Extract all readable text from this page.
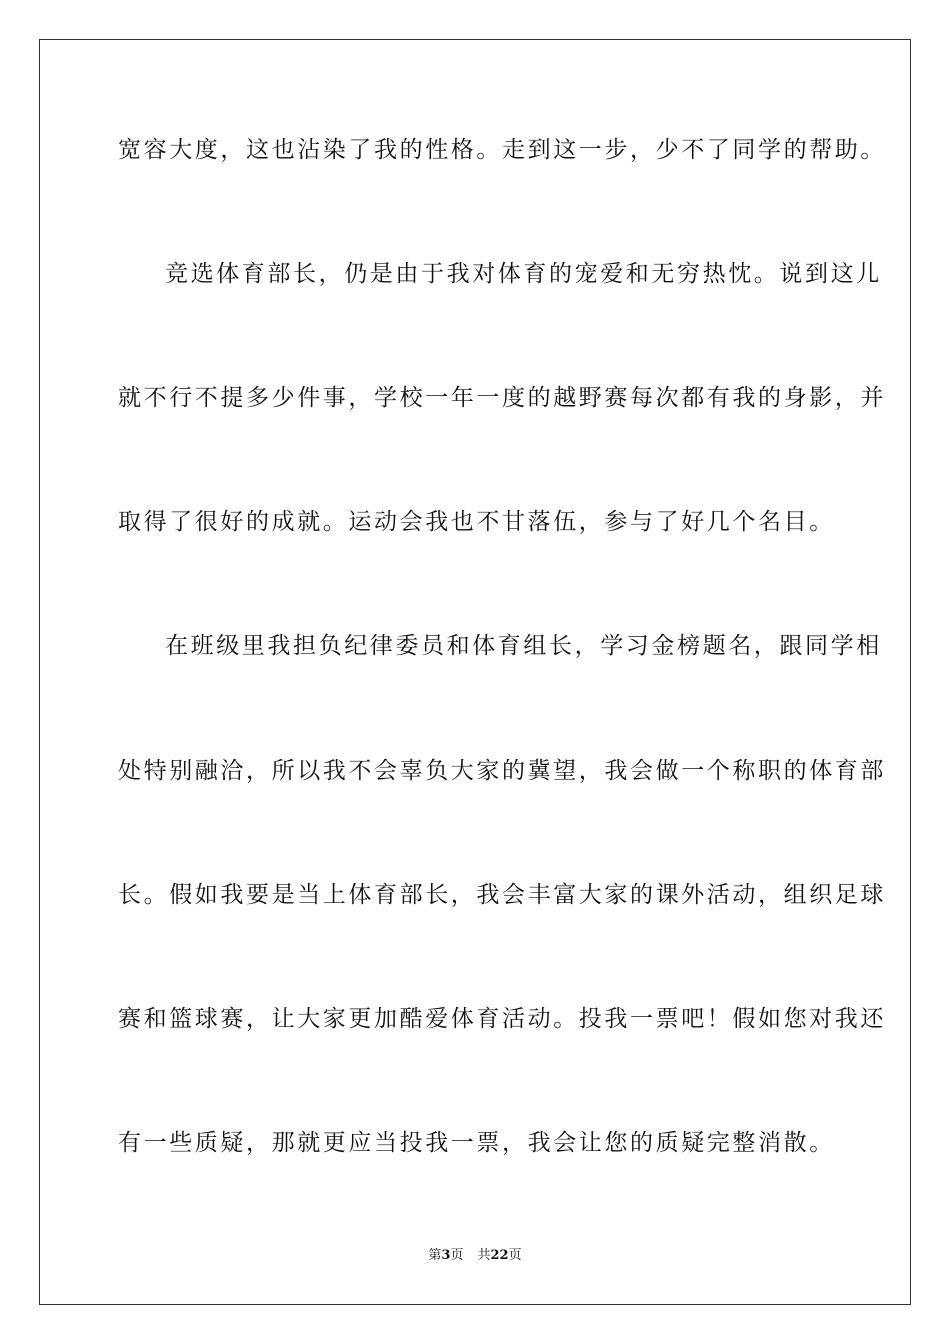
宽容大度，这也沾染了我的性格。走到这一步，少不了同学的帮助。
竞选体育部长，仍是由于我对体育的宠爱和无穷热忱。说到这儿
就不行不提多少件事，学校一年一度的越野赛每次都有我的身影，并
取得了很好的成就。运动会我也不甘落伍，参与了好几个名目。
在班级里我担负纪律委员和体育组长，学习金榜题名，跟同学相
处特别融洽，所以我不会辜负大家的冀望，我会做一个称职的体育部
长。假如我要是当上体育部长，我会丰富大家的课外活动，组织足球
赛和篮球赛，让大家更加酷爱体育活动。投我一票吧！假如您对我还
有一些质疑，那就更应当投我一票，我会让您的质疑完整消散。
第3页 共22页
